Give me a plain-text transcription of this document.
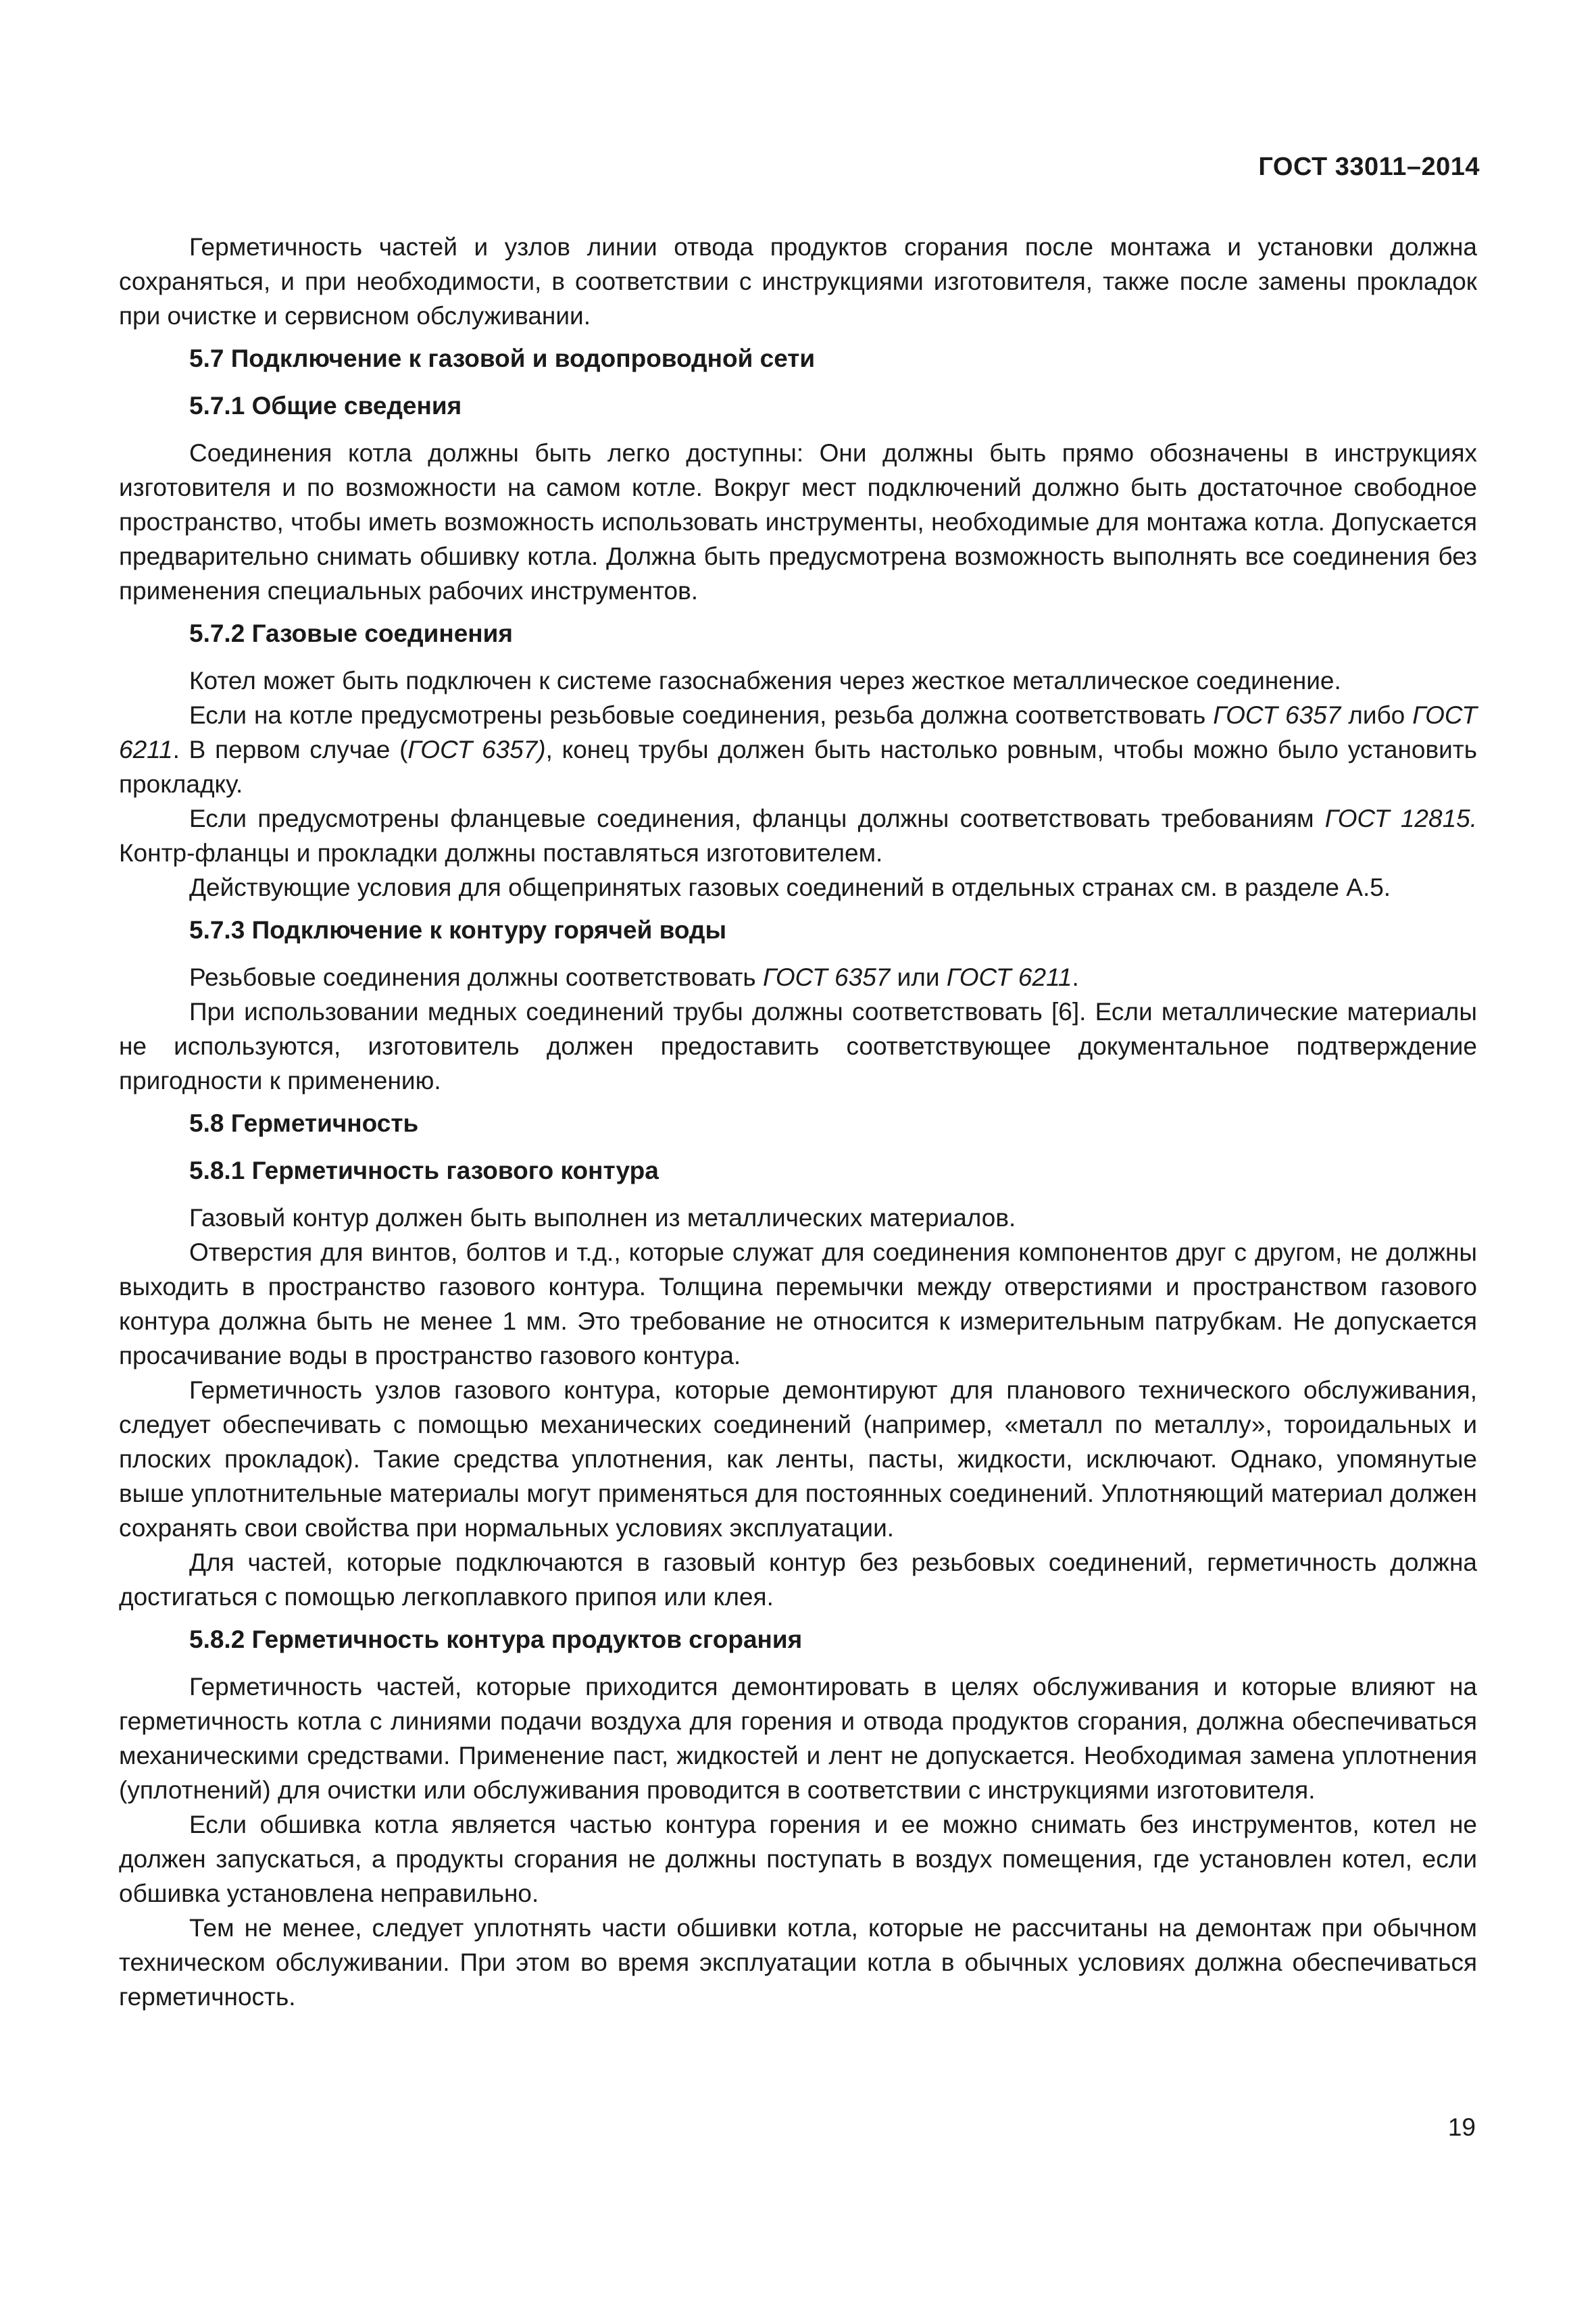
ГОСТ 33011–2014

Герметичность частей и узлов линии отвода продуктов сгорания после монтажа и установки должна сохраняться, и при необходимости, в соответствии с инструкциями изготовителя, также после замены прокладок при очистке и сервисном обслуживании.

5.7 Подключение к газовой и водопроводной сети
5.7.1 Общие сведения

Соединения котла должны быть легко доступны: Они должны быть прямо обозначены в инструкциях изготовителя и по возможности на самом котле. Вокруг мест подключений должно быть достаточное свободное пространство, чтобы иметь возможность использовать инструменты, необходимые для монтажа котла. Допускается предварительно снимать обшивку котла. Должна быть предусмотрена возможность выполнять все соединения без применения специальных рабочих инструментов.

5.7.2 Газовые соединения

Котел может быть подключен к системе газоснабжения через жесткое металлическое соединение.

Если на котле предусмотрены резьбовые соединения, резьба должна соответствовать ГОСТ 6357 либо ГОСТ 6211. В первом случае (ГОСТ 6357), конец трубы должен быть настолько ровным, чтобы можно было установить прокладку.

Если предусмотрены фланцевые соединения, фланцы должны соответствовать требованиям ГОСТ 12815. Контр-фланцы и прокладки должны поставляться изготовителем.

Действующие условия для общепринятых газовых соединений в отдельных странах см. в разделе А.5.

5.7.3 Подключение к контуру горячей воды

Резьбовые соединения должны соответствовать ГОСТ 6357 или ГОСТ 6211.

При использовании медных соединений трубы должны соответствовать [6]. Если металлические материалы не используются, изготовитель должен предоставить соответствующее документальное подтверждение пригодности к применению.

5.8 Герметичность
5.8.1 Герметичность газового контура

Газовый контур должен быть выполнен из металлических материалов.

Отверстия для винтов, болтов и т.д., которые служат для соединения компонентов друг с другом, не должны выходить в пространство газового контура. Толщина перемычки между отверстиями и пространством газового контура должна быть не менее 1 мм. Это требование не относится к измерительным патрубкам. Не допускается просачивание воды в пространство газового контура.

Герметичность узлов газового контура, которые демонтируют для планового технического обслуживания, следует обеспечивать с помощью механических соединений (например, «металл по металлу», тороидальных и плоских прокладок). Такие средства уплотнения, как ленты, пасты, жидкости, исключают. Однако, упомянутые выше уплотнительные материалы могут применяться для постоянных соединений. Уплотняющий материал должен сохранять свои свойства при нормальных условиях эксплуатации.

Для частей, которые подключаются в газовый контур без резьбовых соединений, герметичность должна достигаться с помощью легкоплавкого припоя или клея.

5.8.2 Герметичность контура продуктов сгорания

Герметичность частей, которые приходится демонтировать в целях обслуживания и которые влияют на герметичность котла с линиями подачи воздуха для горения и отвода продуктов сгорания, должна обеспечиваться механическими средствами. Применение паст, жидкостей и лент не допускается. Необходимая замена уплотнения (уплотнений) для очистки или обслуживания проводится в соответствии с инструкциями изготовителя.

Если обшивка котла является частью контура горения и ее можно снимать без инструментов, котел не должен запускаться, а продукты сгорания не должны поступать в воздух помещения, где установлен котел, если обшивка установлена неправильно.

Тем не менее, следует уплотнять части обшивки котла, которые не рассчитаны на демонтаж при обычном техническом обслуживании. При этом во время эксплуатации котла в обычных условиях должна обеспечиваться герметичность.

19
